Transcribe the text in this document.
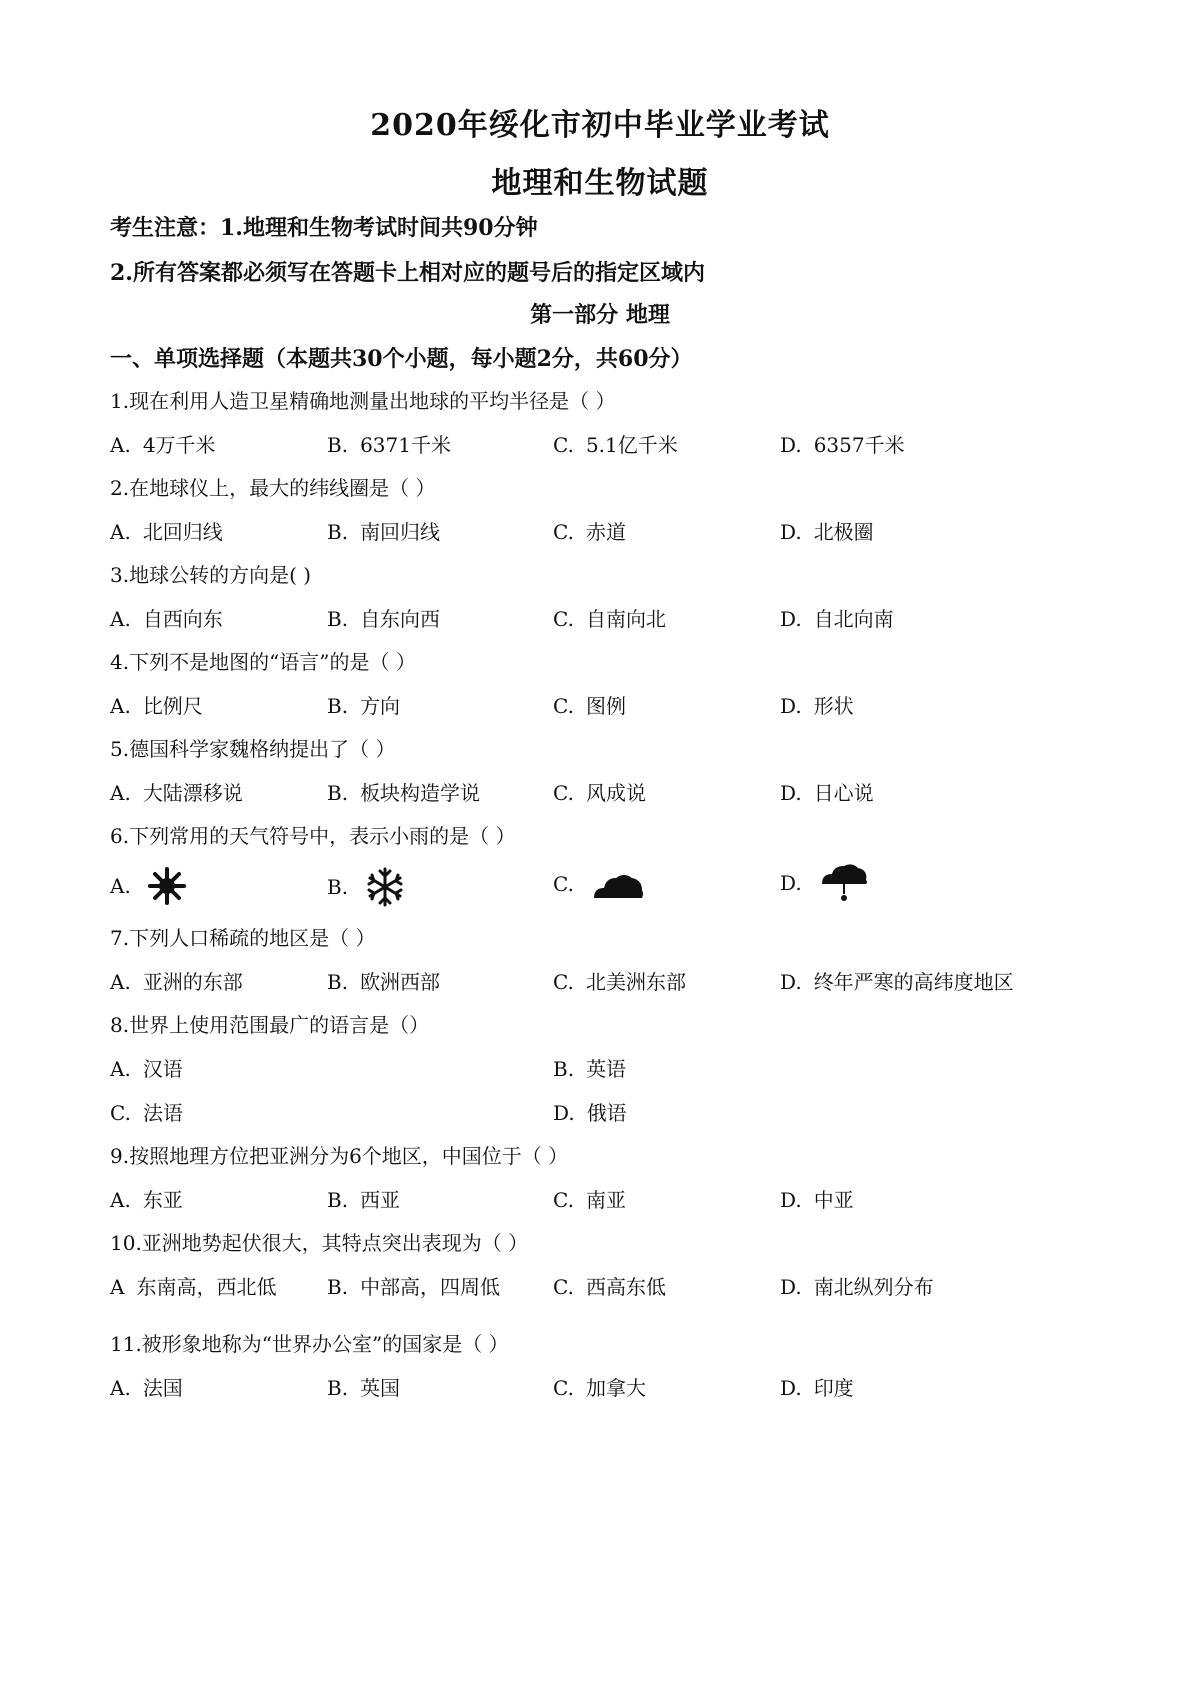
2020年绥化市初中毕业学业考试
地理和生物试题
考生注意：1.地理和生物考试时间共90分钟
2.所有答案都必须写在答题卡上相对应的题号后的指定区域内
第一部分 地理
一、单项选择题（本题共30个小题，每小题2分，共60分）
1.现在利用人造卫星精确地测量出地球的平均半径是（ ）
A. 4万千米	B. 6371千米	C. 5.1亿千米	D. 6357千米
2.在地球仪上，最大的纬线圈是（ ）
A. 北回归线	B. 南回归线	C. 赤道	D. 北极圈
3.地球公转的方向是( )
A. 自西向东	B. 自东向西	C. 自南向北	D. 自北向南
4.下列不是地图的“语言”的是（ ）
A. 比例尺	B. 方向	C. 图例	D. 形状
5.德国科学家魏格纳提出了（ ）
A. 大陆漂移说	B. 板块构造学说	C. 风成说	D. 日心说
6.下列常用的天气符号中，表示小雨的是（ ）
A.	B.	C.	D.
7.下列人口稀疏的地区是（ ）
A. 亚洲的东部	B. 欧洲西部	C. 北美洲东部	D. 终年严寒的高纬度地区
8.世界上使用范围最广的语言是（）
A. 汉语	B. 英语
C. 法语	D. 俄语
9.按照地理方位把亚洲分为6个地区，中国位于（ ）
A. 东亚	B. 西亚	C. 南亚	D. 中亚
10.亚洲地势起伏很大，其特点突出表现为（ ）
A 东南高，西北低	B. 中部高，四周低	C. 西高东低	D. 南北纵列分布
11.被形象地称为“世界办公室”的国家是（ ）
A. 法国	B. 英国	C. 加拿大	D. 印度
